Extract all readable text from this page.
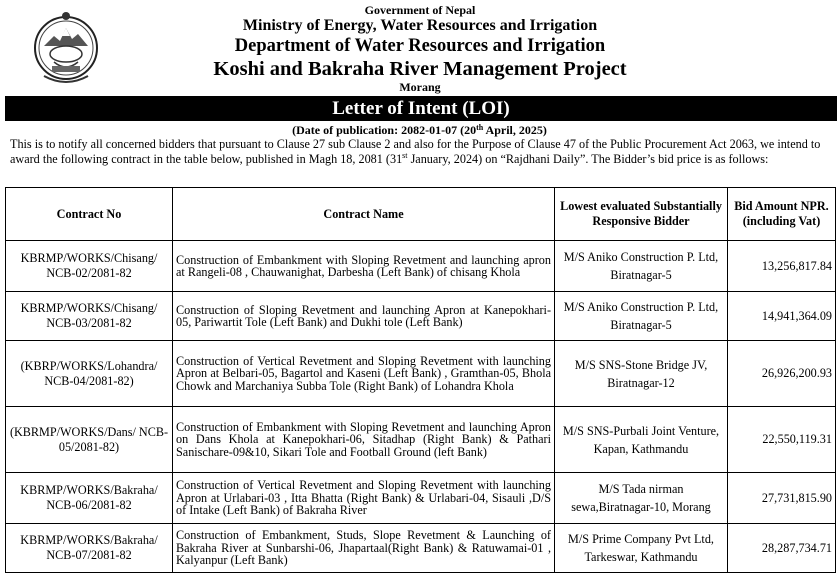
Government of Nepal
Ministry of Energy, Water Resources and Irrigation
Department of Water Resources and Irrigation
Koshi and Bakraha River Management Project
Morang
Letter of Intent (LOI)
(Date of publication: 2082-01-07 (20th April, 2025)
This is to notify all concerned bidders that pursuant to Clause 27 sub Clause 2 and also for the Purpose of Clause 47 of the Public Procurement Act 2063, we intend to award the following contract in the table below, published in Magh 18, 2081 (31st January, 2024) on “Rajdhani Daily”. The Bidder’s bid price is as follows:
Contract No	Contract Name	Lowest evaluated Substantially Responsive Bidder	Bid Amount NPR. (including Vat)
KBRMP/WORKS/Chisang/ NCB-02/2081-82	Construction of Embankment with Sloping Revetment and launching apron at Rangeli-08 , Chauwanighat, Darbesha (Left Bank) of chisang Khola	M/S Aniko Construction P. Ltd, Biratnagar-5	13,256,817.84
KBRMP/WORKS/Chisang/ NCB-03/2081-82	Construction of Sloping Revetment and launching Apron at Kanepokhari-05, Pariwartit Tole (Left Bank) and Dukhi tole (Left Bank)	M/S Aniko Construction P. Ltd, Biratnagar-5	14,941,364.09
(KBRP/WORKS/Lohandra/ NCB-04/2081-82)	Construction of Vertical Revetment and Sloping Revetment with launching Apron at Belbari-05, Bagartol and Kaseni (Left Bank) , Gramthan-05, Bhola Chowk and Marchaniya Subba Tole (Right Bank) of Lohandra Khola	M/S SNS-Stone Bridge JV, Biratnagar-12	26,926,200.93
(KBRMP/WORKS/Dans/ NCB-05/2081-82)	Construction of Embankment with Sloping Revetment and launching Apron on Dans Khola at Kanepokhari-06, Sitadhap (Right Bank) & Pathari Sanischare-09&10, Sikari Tole and Football Ground (left Bank)	M/S SNS-Purbali Joint Venture, Kapan, Kathmandu	22,550,119.31
KBRMP/WORKS/Bakraha/ NCB-06/2081-82	Construction of Vertical Revetment and Sloping Revetment with launching Apron at Urlabari-03 , Itta Bhatta (Right Bank) & Urlabari-04, Sisauli ,D/S of Intake (Left Bank) of Bakraha River	M/S Tada nirman sewa,Biratnagar-10, Morang	27,731,815.90
KBRMP/WORKS/Bakraha/ NCB-07/2081-82	Construction of Embankment, Studs, Slope Revetment & Launching of Bakraha River at Sunbarshi-06, Jhapartaal(Right Bank) & Ratuwamai-01 , Kalyanpur (Left Bank)	M/S Prime Company Pvt Ltd, Tarkeswar, Kathmandu	28,287,734.71
